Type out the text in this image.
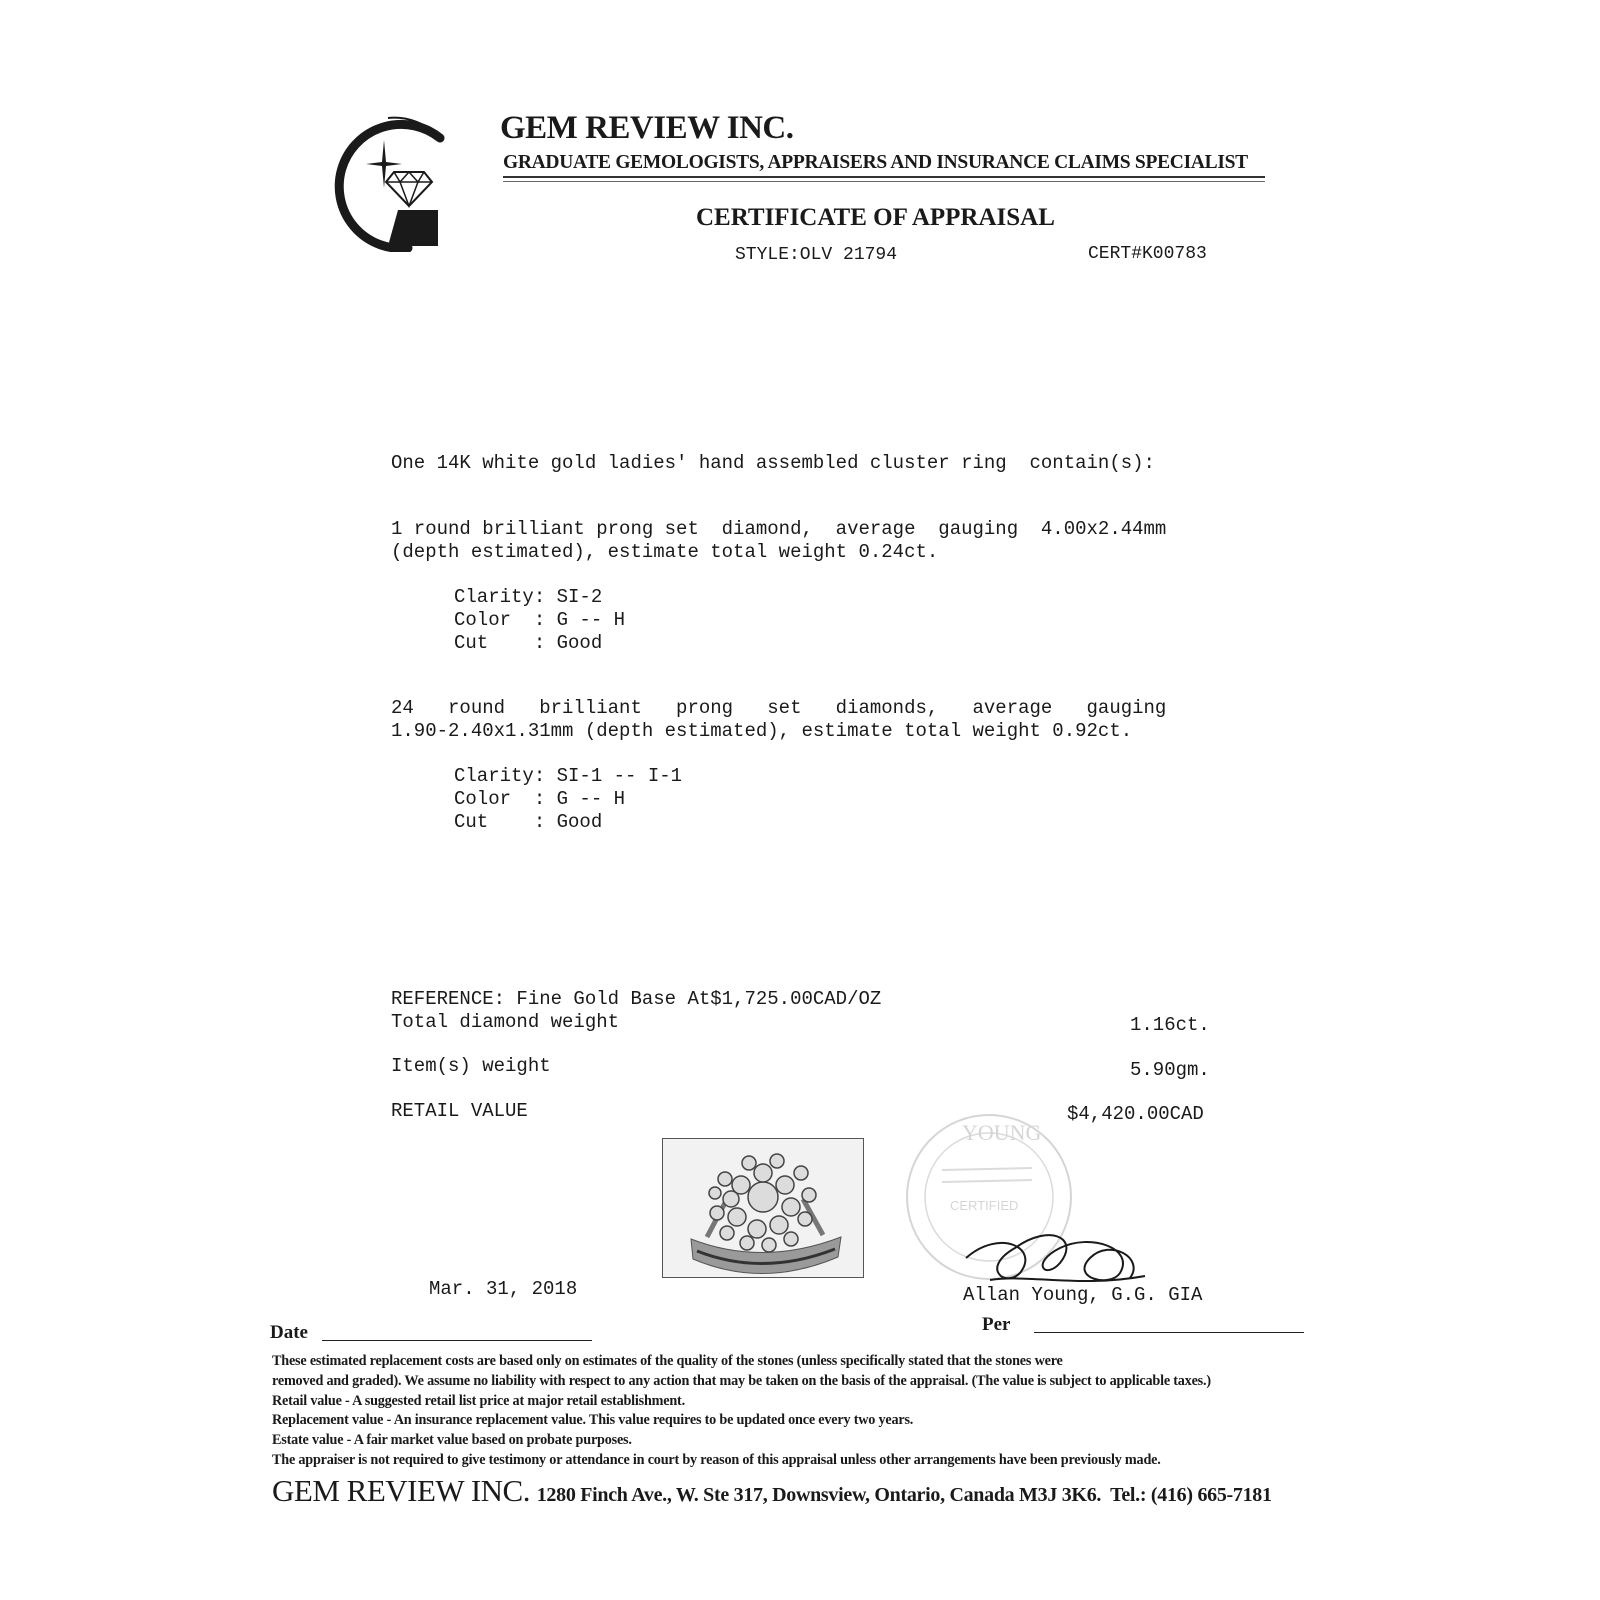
GEM REVIEW INC.
GRADUATE GEMOLOGISTS, APPRAISERS AND INSURANCE CLAIMS SPECIALIST
CERTIFICATE OF APPRAISAL
STYLE:OLV 21794	CERT#K00783
One 14K white gold ladies' hand assembled cluster ring  contain(s):
1 round brilliant prong set  diamond,  average  gauging  4.00x2.44mm
(depth estimated), estimate total weight 0.24ct.
Clarity: SI-2
Color  : G -- H
Cut    : Good
24   round   brilliant   prong   set   diamonds,   average   gauging
1.90-2.40x1.31mm (depth estimated), estimate total weight 0.92ct.
Clarity: SI-1 -- I-1
Color  : G -- H
Cut    : Good
REFERENCE: Fine Gold Base At$1,725.00CAD/OZ
Total diamond weight	1.16ct.
Item(s) weight	5.90gm.
RETAIL VALUE	$4,420.00CAD
YOUNG
CERTIFIED
Mar. 31, 2018	Allan Young, G.G. GIA
Date	Per
These estimated replacement costs are based only on estimates of the quality of the stones (unless specifically stated that the stones were
removed and graded). We assume no liability with respect to any action that may be taken on the basis of the appraisal. (The value is subject to applicable taxes.)
Retail value - A suggested retail list price at major retail establishment.
Replacement value - An insurance replacement value. This value requires to be updated once every two years.
Estate value - A fair market value based on probate purposes.
The appraiser is not required to give testimony or attendance in court by reason of this appraisal unless other arrangements have been previously made.
GEM REVIEW INC. 1280 Finch Ave., W. Ste 317, Downsview, Ontario, Canada M3J 3K6.  Tel.: (416) 665-7181
